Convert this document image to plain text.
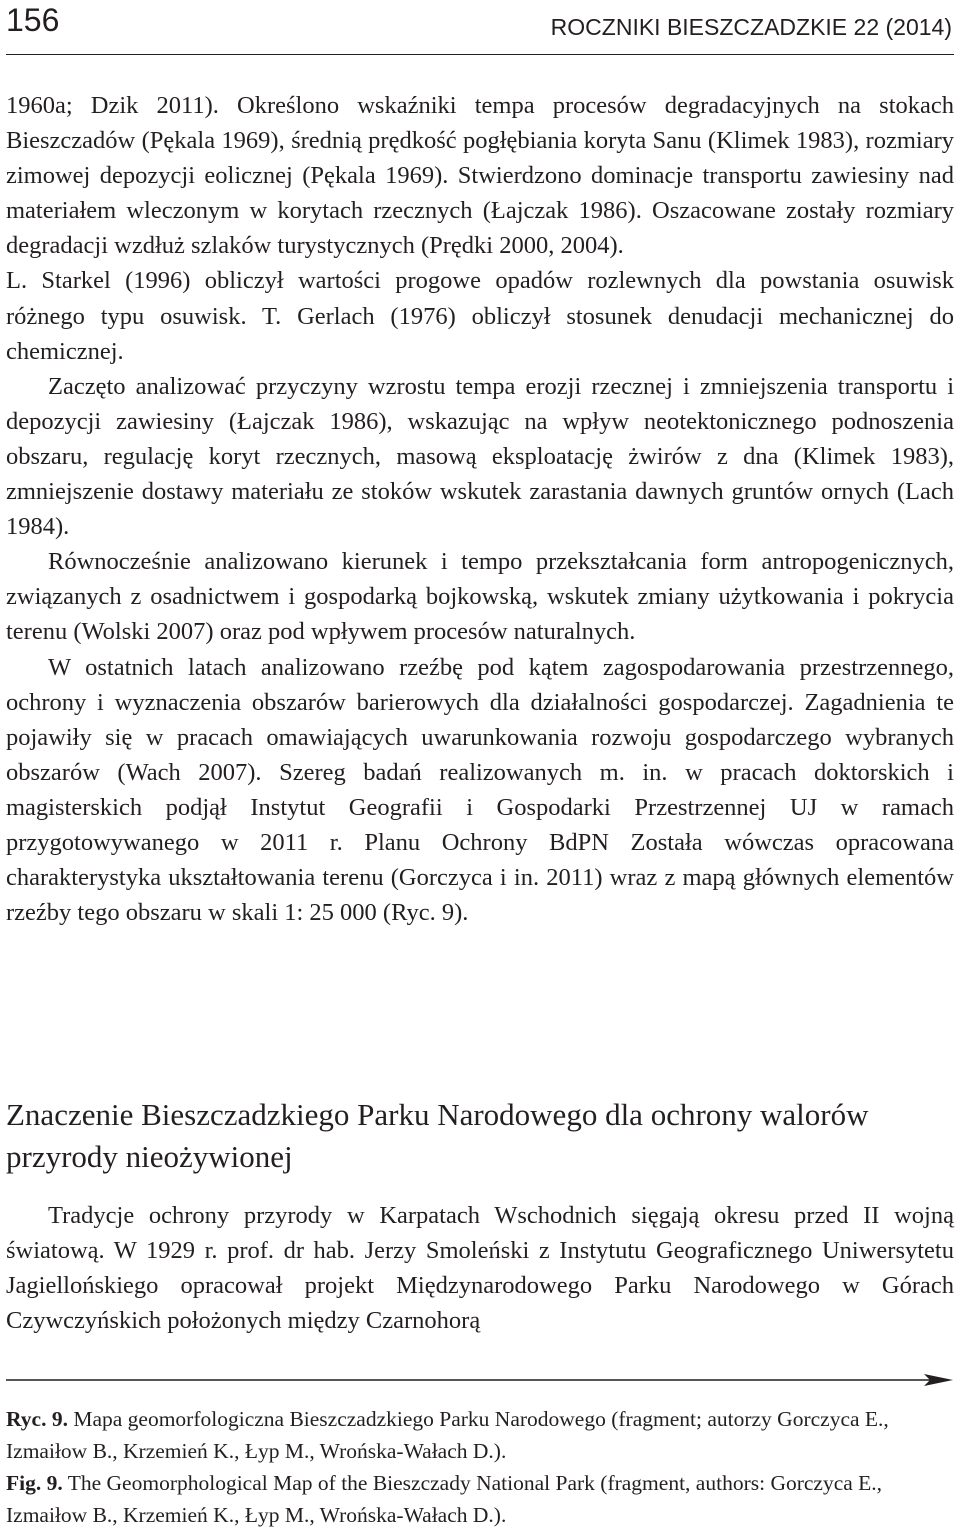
156	ROCZNIKI BIESZCZADZKIE 22 (2014)

1960a; Dzik 2011). Określono wskaźniki tempa procesów degradacyjnych na stokach Bieszczadów (Pękala 1969), średnią prędkość pogłębiania koryta Sanu (Klimek 1983), rozmiary zimowej depozycji eolicznej (Pękala 1969). Stwierdzono dominacje transportu zawiesiny nad materiałem wleczonym w korytach rzecznych (Łajczak 1986). Oszacowane zostały rozmiary degradacji wzdłuż szlaków turystycznych (Prędki 2000, 2004).

L. Starkel (1996) obliczył wartości progowe opadów rozlewnych dla powstania osuwisk różnego typu osuwisk. T. Gerlach (1976) obliczył stosunek denudacji mechanicznej do chemicznej.

Zaczęto analizować przyczyny wzrostu tempa erozji rzecznej i zmniejszenia transportu i depozycji zawiesiny (Łajczak 1986), wskazując na wpływ neotektonicznego podnoszenia obszaru, regulację koryt rzecznych, masową eksploatację żwirów z dna (Klimek 1983), zmniejszenie dostawy materiału ze stoków wskutek zarastania dawnych gruntów ornych (Lach 1984).

Równocześnie analizowano kierunek i tempo przekształcania form antropogenicznych, związanych z osadnictwem i gospodarką bojkowską, wskutek zmiany użytkowania i pokrycia terenu (Wolski 2007) oraz pod wpływem procesów naturalnych.

W ostatnich latach analizowano rzeźbę pod kątem zagospodarowania przestrzennego, ochrony i wyznaczenia obszarów barierowych dla działalności gospodarczej. Zagadnienia te pojawiły się w pracach omawiających uwarunkowania rozwoju gospodarczego wybranych obszarów (Wach 2007). Szereg badań realizowanych m. in. w pracach doktorskich i magisterskich podjął Instytut Geografii i Gospodarki Przestrzennej UJ w ramach przygotowywanego w 2011 r. Planu Ochrony BdPN Została wówczas opracowana charakterystyka ukształtowania terenu (Gorczyca i in. 2011) wraz z mapą głównych elementów rzeźby tego obszaru w skali 1: 25 000 (Ryc. 9).

Znaczenie Bieszczadzkiego Parku Narodowego dla ochrony walorów przyrody nieożywionej

Tradycje ochrony przyrody w Karpatach Wschodnich sięgają okresu przed II wojną światową. W 1929 r. prof. dr hab. Jerzy Smoleński z Instytutu Geograficznego Uniwersytetu Jagiellońskiego opracował projekt Międzynarodowego Parku Narodowego w Górach Czywczyńskich położonych między Czarnohorą

Ryc. 9. Mapa geomorfologiczna Bieszczadzkiego Parku Narodowego (fragment; autorzy Gorczyca E., Izmaiłow B., Krzemień K., Łyp M., Wrońska-Wałach D.).

Fig. 9. The Geomorphological Map of the Bieszczady National Park (fragment, authors: Gorczyca E., Izmaiłow B., Krzemień K., Łyp M., Wrońska-Wałach D.).
